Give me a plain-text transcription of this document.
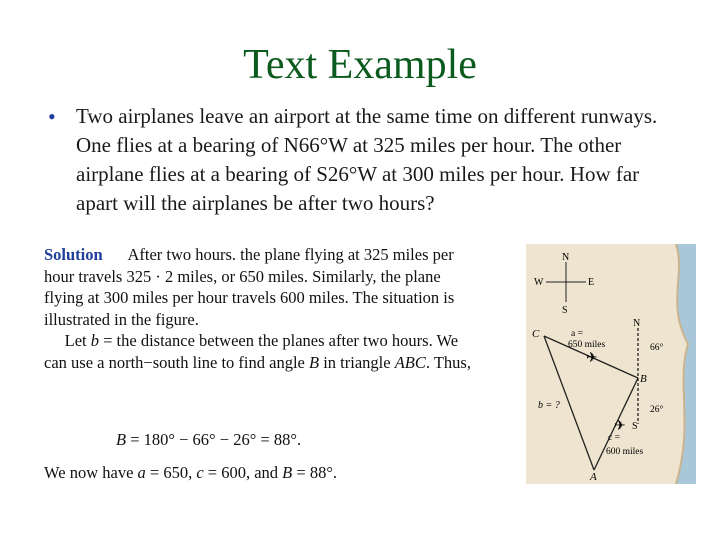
Text Example
• Two airplanes leave an airport at the same time on different runways. One flies at a bearing of N66°W at 325 miles per hour. The other airplane flies at a bearing of S26°W at 300 miles per hour. How far apart will the airplanes be after two hours?
Solution After two hours. the plane flying at 325 miles per hour travels 325 · 2 miles, or 650 miles. Similarly, the plane flying at 300 miles per hour travels 600 miles. The situation is illustrated in the figure.
Let b = the distance between the planes after two hours. We can use a north−south line to find angle B in triangle ABC. Thus,
B = 180° − 66° − 26° = 88°.
We now have a = 650, c = 600, and B = 88°.
N
S
E
W
✈
✈
C	a =
650 miles
N
66°
B
b = ?	26°
c =
S
600 miles
A
